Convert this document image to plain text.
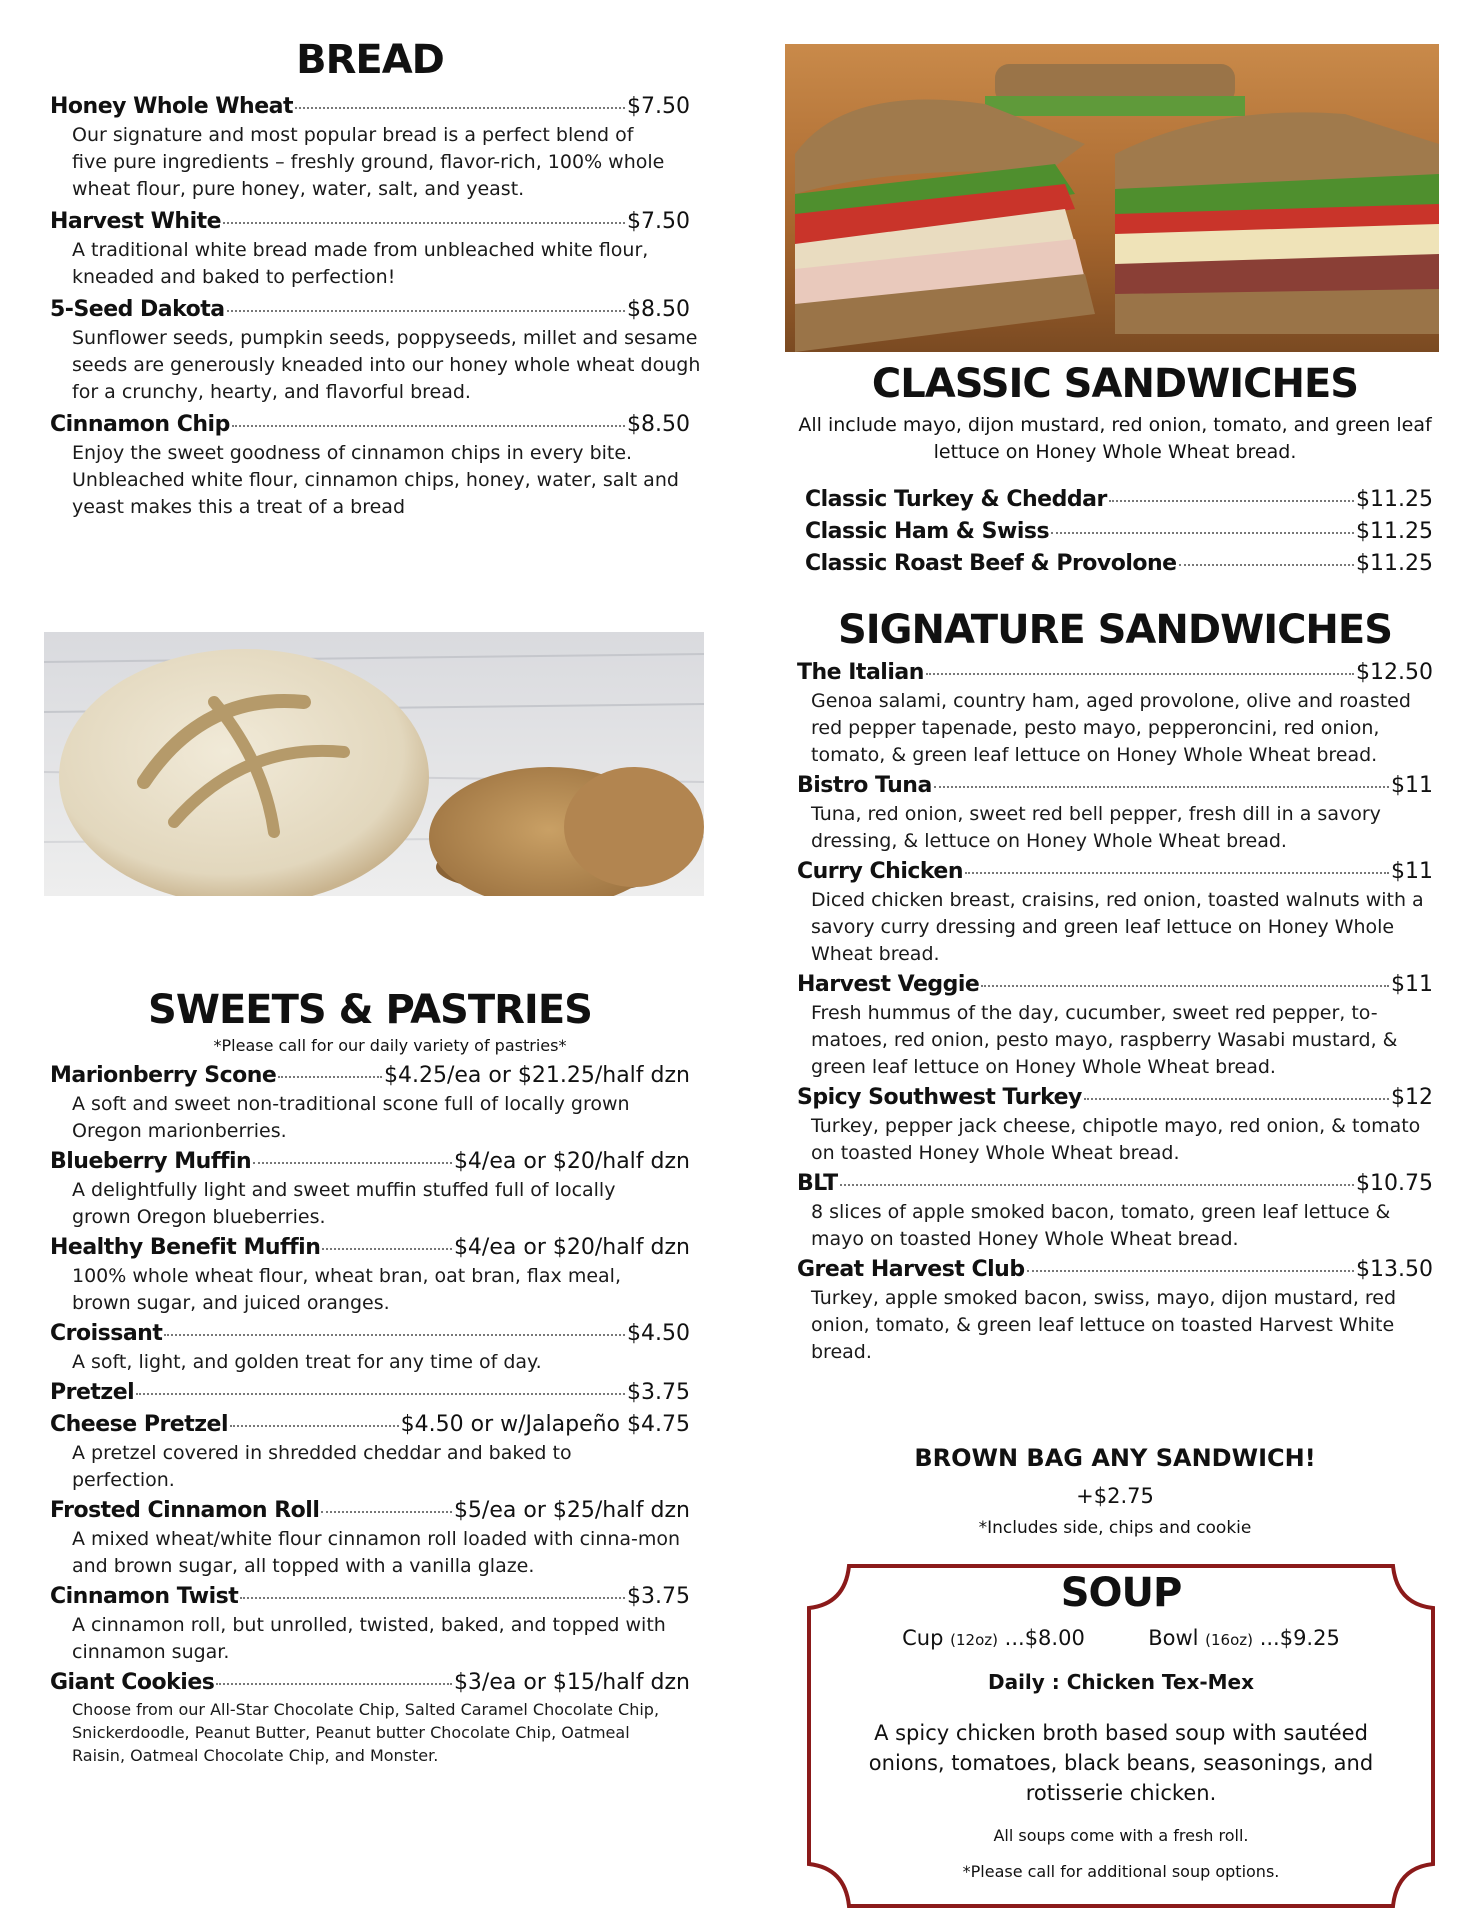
BREAD
Honey Whole Wheat	$7.50

Our signature and most popular bread is a perfect blend of five pure ingredients – freshly ground, flavor-rich, 100% whole wheat flour, pure honey, water, salt, and yeast.

Harvest White	$7.50

A traditional white bread made from unbleached white flour, kneaded and baked to perfection!

5-Seed Dakota	$8.50

Sunflower seeds, pumpkin seeds, poppyseeds, millet and sesame seeds are generously kneaded into our honey whole wheat dough for a crunchy, hearty, and flavorful bread.

Cinnamon Chip	$8.50

Enjoy the sweet goodness of cinnamon chips in every bite. Unbleached white flour, cinnamon chips, honey, water, salt and yeast makes this a treat of a bread

SWEETS & PASTRIES
*Please call for our daily variety of pastries*
Marionberry Scone	$4.25/ea or $21.25/half dzn

A soft and sweet non-traditional scone full of locally grown Oregon marionberries.

Blueberry Muffin	$4/ea or $20/half dzn

A delightfully light and sweet muffin stuffed full of locally grown Oregon blueberries.

Healthy Benefit Muffin	$4/ea or $20/half dzn

100% whole wheat flour, wheat bran, oat bran, flax meal, brown sugar, and juiced oranges.

Croissant	$4.50

A soft, light, and golden treat for any time of day.

Pretzel	$3.75
Cheese Pretzel	$4.50 or w/Jalapeño $4.75

A pretzel covered in shredded cheddar and baked to perfection.

Frosted Cinnamon Roll	$5/ea or $25/half dzn

A mixed wheat/white flour cinnamon roll loaded with cinna-mon and brown sugar, all topped with a vanilla glaze.

Cinnamon Twist	$3.75

A cinnamon roll, but unrolled, twisted, baked, and topped with cinnamon sugar.

Giant Cookies	$3/ea or $15/half dzn

Choose from our All-Star Chocolate Chip, Salted Caramel Chocolate Chip, Snickerdoodle, Peanut Butter, Peanut butter Chocolate Chip, Oatmeal Raisin, Oatmeal Chocolate Chip, and Monster.

CLASSIC SANDWICHES
All include mayo, dijon mustard, red onion, tomato, and green leaf lettuce on Honey Whole Wheat bread.
Classic Turkey & Cheddar	$11.25
Classic Ham & Swiss	$11.25
Classic Roast Beef & Provolone	$11.25
SIGNATURE SANDWICHES
The Italian	$12.50

Genoa salami, country ham, aged provolone, olive and roasted red pepper tapenade, pesto mayo, pepperoncini, red onion, tomato, & green leaf lettuce on Honey Whole Wheat bread.

Bistro Tuna	$11

Tuna, red onion, sweet red bell pepper, fresh dill in a savory dressing, & lettuce on Honey Whole Wheat bread.

Curry Chicken	$11

Diced chicken breast, craisins, red onion, toasted walnuts with a savory curry dressing and green leaf lettuce on Honey Whole Wheat bread.

Harvest Veggie	$11

Fresh hummus of the day, cucumber, sweet red pepper, to-matoes, red onion, pesto mayo, raspberry Wasabi mustard, & green leaf lettuce on Honey Whole Wheat bread.

Spicy Southwest Turkey	$12

Turkey, pepper jack cheese, chipotle mayo, red onion, & tomato on toasted Honey Whole Wheat bread.

BLT	$10.75

8 slices of apple smoked bacon, tomato, green leaf lettuce & mayo on toasted Honey Whole Wheat bread.

Great Harvest Club	$13.50

Turkey, apple smoked bacon, swiss, mayo, dijon mustard, red onion, tomato, & green leaf lettuce on toasted Harvest White bread.

BROWN BAG ANY SANDWICH!
+$2.75
*Includes side, chips and cookie
SOUP
Cup (12oz) ...$8.00	Bowl (16oz) ...$9.25
Daily : Chicken Tex-Mex
A spicy chicken broth based soup with sautéed onions, tomatoes, black beans, seasonings, and rotisserie chicken.
All soups come with a fresh roll.
*Please call for additional soup options.
